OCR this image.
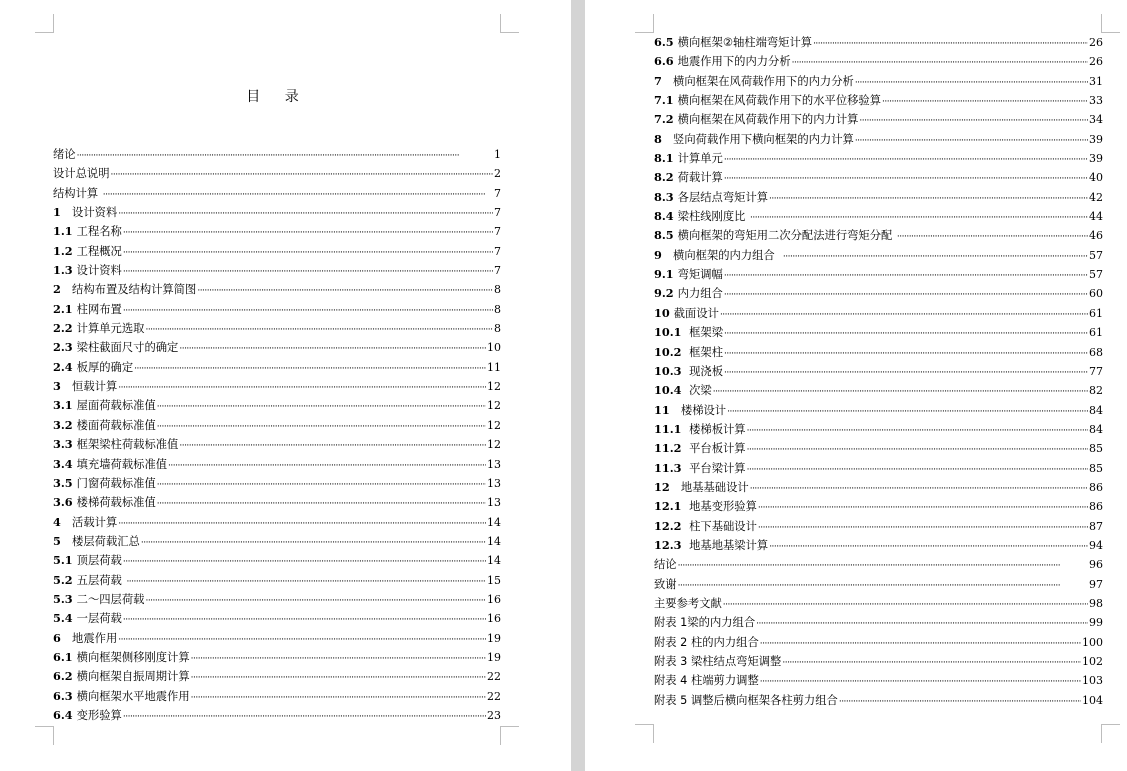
目 录
绪论 ·····	1
设计总说明 ·····	2
结构计算 ·····	7
1 设计资料 ·····	7
1.1 工程名称 ·····	7
1.2 工程概况 ·····	7
1.3 设计资料 ·····	7
2 结构布置及结构计算简图 ·····	8
2.1 柱网布置 ·····	8
2.2 计算单元选取 ·····	8
2.3 梁柱截面尺寸的确定 ·····	10
2.4 板厚的确定 ·····	11
3 恒载计算 ·····	12
3.1 屋面荷载标准值 ·····	12
3.2 楼面荷载标准值 ·····	12
3.3 框架梁柱荷载标准值 ·····	12
3.4 填充墙荷载标准值 ·····	13
3.5 门窗荷载标准值 ·····	13
3.6 楼梯荷载标准值 ·····	13
4 活载计算 ·····	14
5 楼层荷载汇总 ·····	14
5.1 顶层荷载 ·····	14
5.2 五层荷载 ·····	15
5.3 二～四层荷载 ·····	16
5.4 一层荷载 ·····	16
6 地震作用 ·····	19
6.1 横向框架侧移刚度计算 ·····	19
6.2 横向框架自振周期计算 ·····	22
6.3 横向框架水平地震作用 ·····	22
6.4 变形验算 ·····	23
6.5 横向框架②轴柱端弯矩计算 ·····	26
6.6 地震作用下的内力分析 ·····	26
7 横向框架在风荷载作用下的内力分析 ·····	31
7.1 横向框架在风荷载作用下的水平位移验算 ·····	33
7.2 横向框架在风荷载作用下的内力计算 ·····	34
8 竖向荷载作用下横向框架的内力计算 ·····	39
8.1 计算单元 ·····	39
8.2 荷载计算 ·····	40
8.3 各层结点弯矩计算 ·····	42
8.4 梁柱线刚度比 ·····	44
8.5 横向框架的弯矩用二次分配法进行弯矩分配 ·····	46
9 横向框架的内力组合 ·····	57
9.1 弯矩调幅 ·····	57
9.2 内力组合 ·····	60
10 截面设计 ·····	61
10.1 框架梁 ·····	61
10.2 框架柱 ·····	68
10.3 现浇板 ·····	77
10.4 次梁 ·····	82
11 楼梯设计 ·····	84
11.1 楼梯板计算 ·····	84
11.2 平台板计算 ·····	85
11.3 平台梁计算 ·····	85
12 地基基础设计 ·····	86
12.1 地基变形验算 ·····	86
12.2 柱下基础设计 ·····	87
12.3 地基地基梁计算 ·····	94
结论 ·····	96
致谢 ·····	97
主要参考文献 ·····	98
附表 1梁的内力组合 ·····	99
附表 2 柱的内力组合 ·····	100
附表 3 梁柱结点弯矩调整 ·····	102
附表 4 柱端剪力调整 ·····	103
附表 5 调整后横向框架各柱剪力组合 ·····	104
